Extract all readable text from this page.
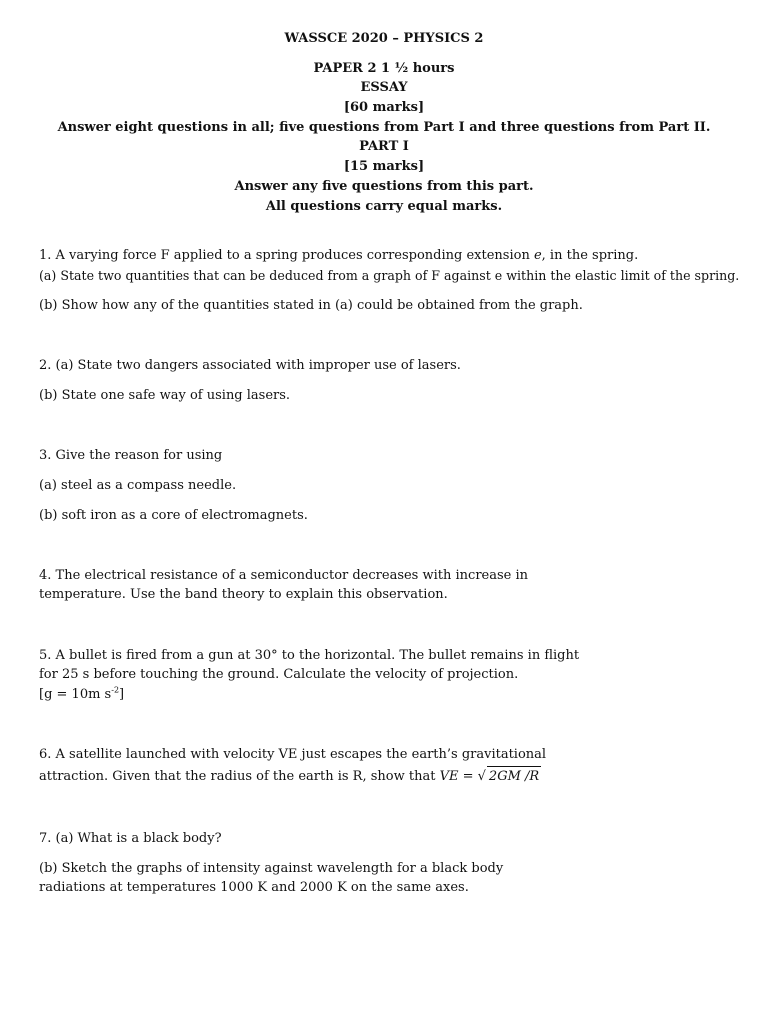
WASSCE 2020 – PHYSICS 2
PAPER 2 1 ½ hours
ESSAY
[60 marks]
Answer eight questions in all; five questions from Part I and three questions from Part II.
PART I
[15 marks]
Answer any five questions from this part.
All questions carry equal marks.
1. A varying force F applied to a spring produces corresponding extension e, in the spring.
(a) State two quantities that can be deduced from a graph of F against e within the elastic limit of the spring.
(b) Show how any of the quantities stated in (a) could be obtained from the graph.
2. (a) State two dangers associated with improper use of lasers.
(b) State one safe way of using lasers.
3. Give the reason for using
(a) steel as a compass needle.
(b) soft iron as a core of electromagnets.
4. The electrical resistance of a semiconductor decreases with increase in
temperature. Use the band theory to explain this observation.
5. A bullet is fired from a gun at 30° to the horizontal. The bullet remains in flight
for 25 s before touching the ground. Calculate the velocity of projection.
[g = 10m $s^{-2}$]
6. A satellite launched with velocity VE just escapes the earth’s gravitational
attraction. Given that the radius of the earth is R, show that VE = √ 2GM /R
7. (a) What is a black body?
(b) Sketch the graphs of intensity against wavelength for a black body
radiations at temperatures 1000 K and 2000 K on the same axes.
